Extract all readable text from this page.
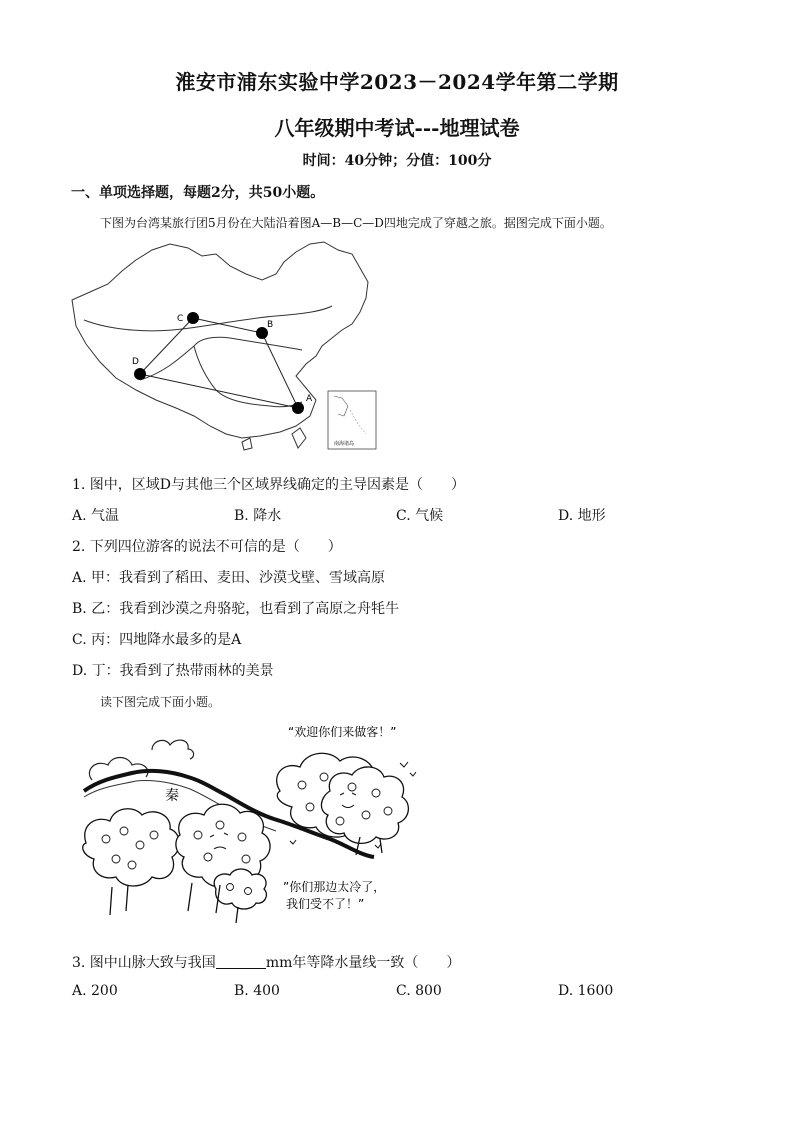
淮安市浦东实验中学2023－2024学年第二学期
八年级期中考试---地理试卷
时间：40分钟；分值：100分
一、单项选择题，每题2分，共50小题。
下图为台湾某旅行团5月份在大陆沿着图A—B—C—D四地完成了穿越之旅。据图完成下面小题。
A
B
C
D
南海诸岛
1. 图中，区域D与其他三个区域界线确定的主导因素是（　　）
A. 气温	B. 降水	C. 气候	D. 地形
2. 下列四位游客的说法不可信的是（　　）
A. 甲：我看到了稻田、麦田、沙漠戈壁、雪域高原
B. 乙：我看到沙漠之舟骆驼，也看到了高原之舟牦牛
C. 丙：四地降水最多的是A
D. 丁：我看到了热带雨林的美景
读下图完成下面小题。
秦
“欢迎你们来做客！”
”你们那边太冷了，
我们受不了！”
3. 图中山脉大致与我国	mm年等降水量线一致（　　）
A. 200	B. 400	C. 800	D. 1600
